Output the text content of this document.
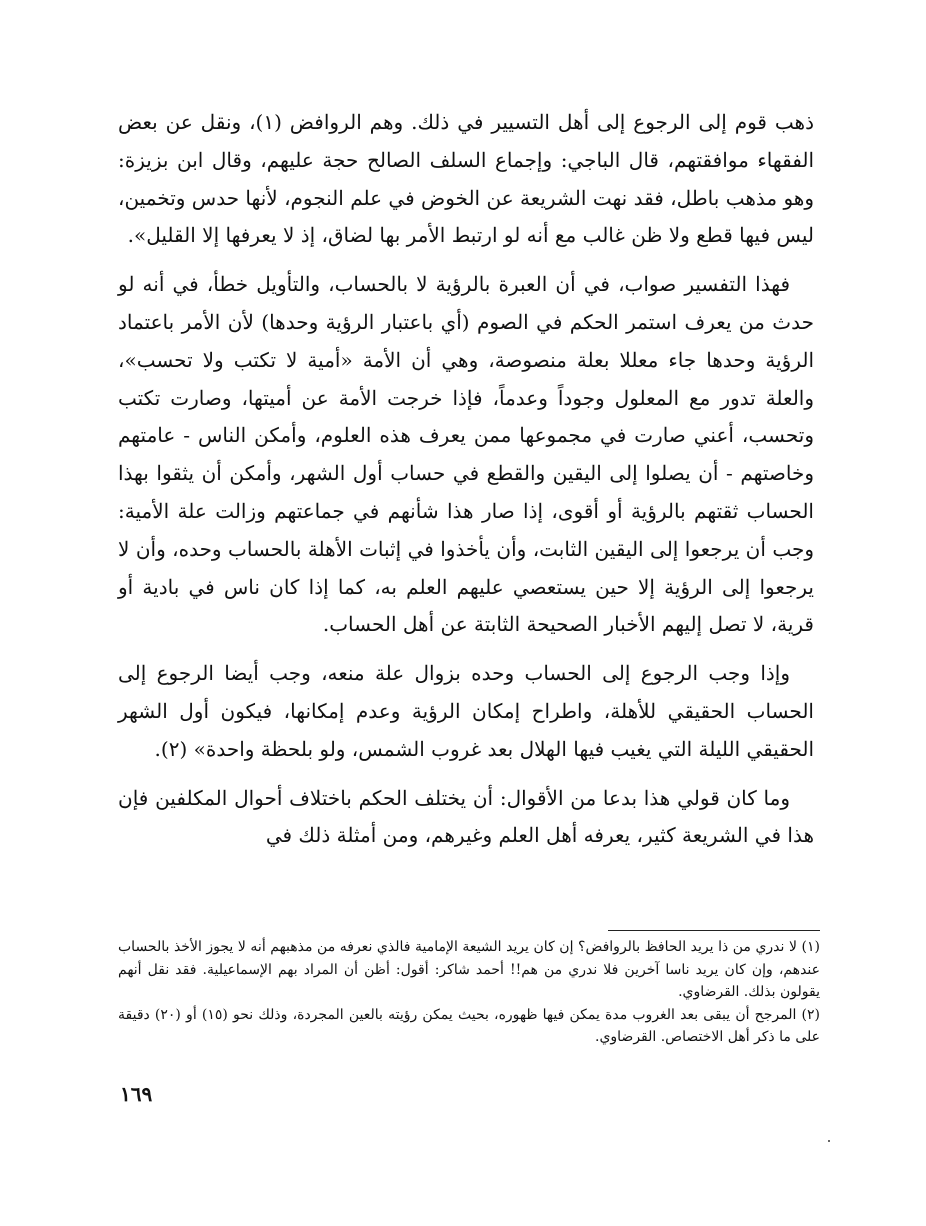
ذهب قوم إلى الرجوع إلى أهل التسيير في ذلك. وهم الروافض (١)، ونقل عن بعض الفقهاء موافقتهم، قال الباجي: وإجماع السلف الصالح حجة عليهم، وقال ابن بزيزة: وهو مذهب باطل، فقد نهت الشريعة عن الخوض في علم النجوم، لأنها حدس وتخمين، ليس فيها قطع ولا ظن غالب مع أنه لو ارتبط الأمر بها لضاق، إذ لا يعرفها إلا القليل».

فهذا التفسير صواب، في أن العبرة بالرؤية لا بالحساب، والتأويل خطأ، في أنه لو حدث من يعرف استمر الحكم في الصوم (أي باعتبار الرؤية وحدها) لأن الأمر باعتماد الرؤية وحدها جاء معللا بعلة منصوصة، وهي أن الأمة «أمية لا تكتب ولا تحسب»، والعلة تدور مع المعلول وجوداً وعدماً، فإذا خرجت الأمة عن أميتها، وصارت تكتب وتحسب، أعني صارت في مجموعها ممن يعرف هذه العلوم، وأمكن الناس - عامتهم وخاصتهم - أن يصلوا إلى اليقين والقطع في حساب أول الشهر، وأمكن أن يثقوا بهذا الحساب ثقتهم بالرؤية أو أقوى، إذا صار هذا شأنهم في جماعتهم وزالت علة الأمية: وجب أن يرجعوا إلى اليقين الثابت، وأن يأخذوا في إثبات الأهلة بالحساب وحده، وأن لا يرجعوا إلى الرؤية إلا حين يستعصي عليهم العلم به، كما إذا كان ناس في بادية أو قرية، لا تصل إليهم الأخبار الصحيحة الثابتة عن أهل الحساب.

وإذا وجب الرجوع إلى الحساب وحده بزوال علة منعه، وجب أيضا الرجوع إلى الحساب الحقيقي للأهلة، واطراح إمكان الرؤية وعدم إمكانها، فيكون أول الشهر الحقيقي الليلة التي يغيب فيها الهلال بعد غروب الشمس، ولو بلحظة واحدة» (٢).

وما كان قولي هذا بدعا من الأقوال: أن يختلف الحكم باختلاف أحوال المكلفين فإن هذا في الشريعة كثير، يعرفه أهل العلم وغيرهم، ومن أمثلة ذلك في

(١) لا ندري من ذا يريد الحافظ بالروافض؟ إن كان يريد الشيعة الإمامية فالذي نعرفه من مذهبهم أنه لا يجوز الأخذ بالحساب عندهم، وإن كان يريد ناسا آخرين فلا ندري من هم!! أحمد شاكر: أقول: أظن أن المراد بهم الإسماعيلية. فقد نقل أنهم يقولون بذلك. القرضاوي.

(٢) المرجح أن يبقى بعد الغروب مدة يمكن فيها ظهوره، بحيث يمكن رؤيته بالعين المجردة، وذلك نحو (١٥) أو (٢٠) دقيقة على ما ذكر أهل الاختصاص. القرضاوي.

١٦٩
